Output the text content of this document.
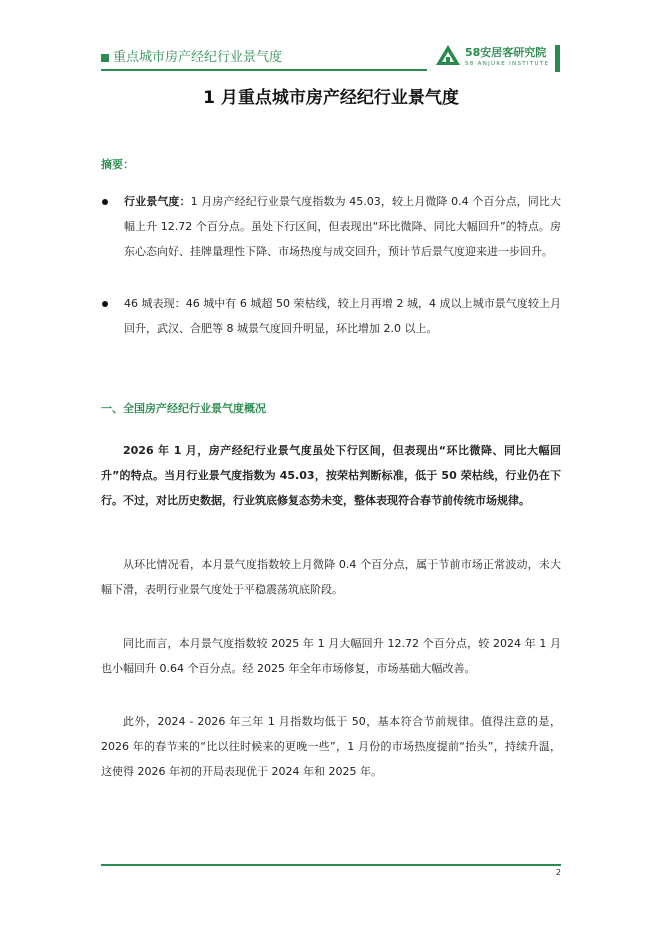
重点城市房产经纪行业景气度	58安居客研究院
58 ANJUKE INSTITUTE
1 月重点城市房产经纪行业景气度
摘要：
行业景气度：1 月房产经纪行业景气度指数为 45.03，较上月微降 0.4 个百分点，同比大幅上升 12.72 个百分点。虽处下行区间，但表现出“环比微降、同比大幅回升”的特点。房东心态向好、挂牌量理性下降、市场热度与成交回升，预计节后景气度迎来进一步回升。
46 城表现：46 城中有 6 城超 50 荣枯线，较上月再增 2 城，4 成以上城市景气度较上月回升，武汉、合肥等 8 城景气度回升明显，环比增加 2.0 以上。
一、全国房产经纪行业景气度概况
2026 年 1 月，房产经纪行业景气度虽处下行区间，但表现出“环比微降、同比大幅回升”的特点。当月行业景气度指数为 45.03，按荣枯判断标准，低于 50 荣枯线，行业仍在下行。不过，对比历史数据，行业筑底修复态势未变，整体表现符合春节前传统市场规律。
从环比情况看，本月景气度指数较上月微降 0.4 个百分点，属于节前市场正常波动，未大幅下滑，表明行业景气度处于平稳震荡筑底阶段。
同比而言，本月景气度指数较 2025 年 1 月大幅回升 12.72 个百分点，较 2024 年 1 月也小幅回升 0.64 个百分点。经 2025 年全年市场修复，市场基础大幅改善。
此外，2024 - 2026 年三年 1 月指数均低于 50，基本符合节前规律。值得注意的是，2026 年的春节来的“比以往时候来的更晚一些”，1 月份的市场热度提前“抬头”，持续升温，这使得 2026 年初的开局表现优于 2024 年和 2025 年。
2
